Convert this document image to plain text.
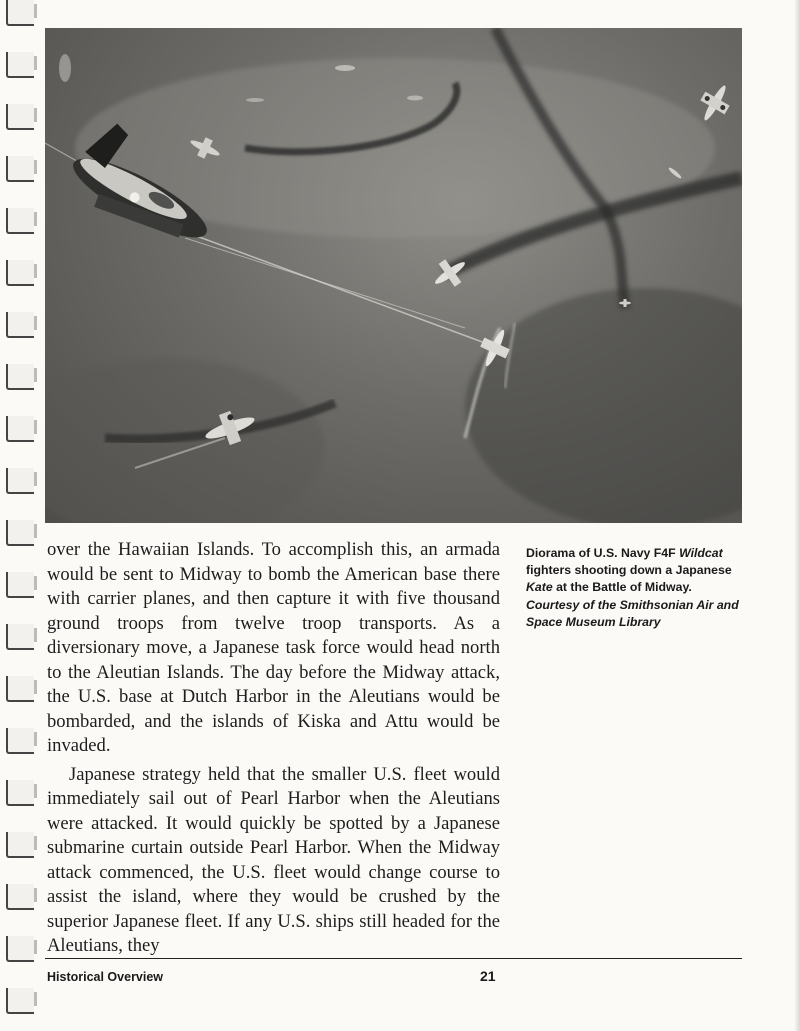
over the Hawaiian Islands. To accomplish this, an armada would be sent to Midway to bomb the American base there with carrier planes, and then capture it with five thousand ground troops from twelve troop transports. As a diversionary move, a Japanese task force would head north to the Aleutian Islands. The day before the Midway attack, the U.S. base at Dutch Harbor in the Aleutians would be bombarded, and the islands of Kiska and Attu would be invaded.

Japanese strategy held that the smaller U.S. fleet would immediately sail out of Pearl Harbor when the Aleutians were attacked. It would quickly be spotted by a Japanese submarine curtain outside Pearl Harbor. When the Midway attack commenced, the U.S. fleet would change course to assist the island, where they would be crushed by the superior Japanese fleet. If any U.S. ships still headed for the Aleutians, they

Diorama of U.S. Navy F4F Wildcat fighters shooting down a Japanese Kate at the Battle of Midway. Courtesy of the Smithsonian Air and Space Museum Library
Historical Overview	21
